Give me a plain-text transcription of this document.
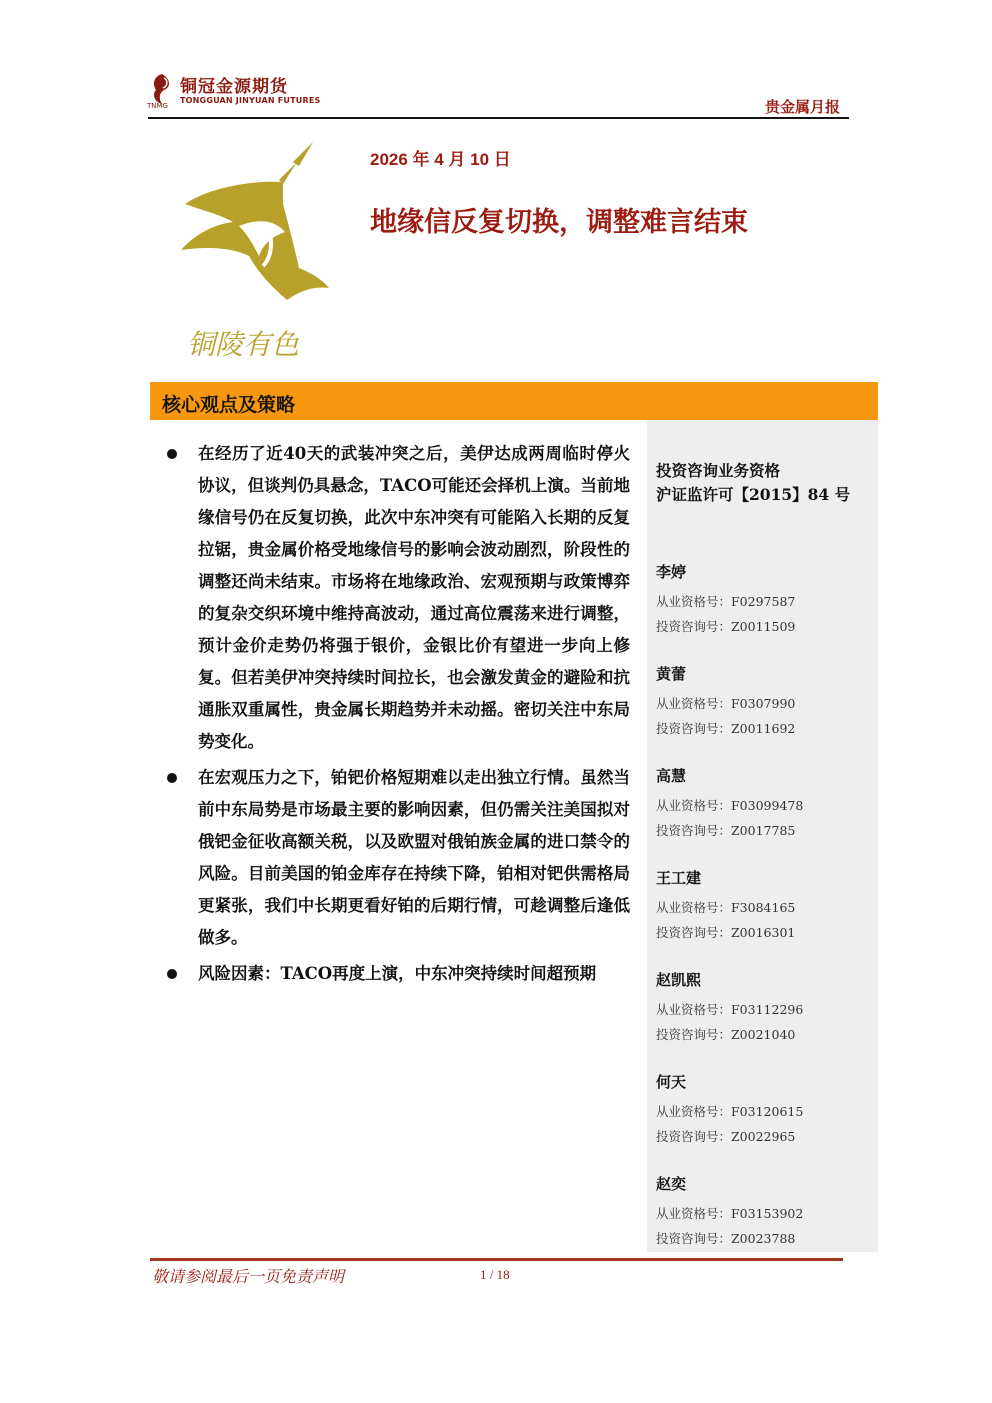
铜冠金源期货
TONGGUAN JINYUAN FUTURES
TNMG	贵金属月报
铜陵有色
2026 年 4 月 10 日
地缘信反复切换，调整难言结束
核心观点及策略
在经历了近40天的武装冲突之后，美伊达成两周临时停火协议，但谈判仍具悬念，TACO可能还会择机上演。当前地缘信号仍在反复切换，此次中东冲突有可能陷入长期的反复拉锯，贵金属价格受地缘信号的影响会波动剧烈，阶段性的调整还尚未结束。市场将在地缘政治、宏观预期与政策博弈的复杂交织环境中维持高波动，通过高位震荡来进行调整，预计金价走势仍将强于银价，金银比价有望进一步向上修复。但若美伊冲突持续时间拉长，也会激发黄金的避险和抗通胀双重属性，贵金属长期趋势并未动摇。密切关注中东局势变化。
在宏观压力之下，铂钯价格短期难以走出独立行情。虽然当前中东局势是市场最主要的影响因素，但仍需关注美国拟对俄钯金征收高额关税，以及欧盟对俄铂族金属的进口禁令的风险。目前美国的铂金库存在持续下降，铂相对钯供需格局更紧张，我们中长期更看好铂的后期行情，可趁调整后逢低做多。
风险因素：TACO再度上演，中东冲突持续时间超预期
投资咨询业务资格
沪证监许可【2015】84 号
李婷
从业资格号：F0297587
投资咨询号：Z0011509
黄蕾
从业资格号：F0307990
投资咨询号：Z0011692
高慧
从业资格号：F03099478
投资咨询号：Z0017785
王工建
从业资格号：F3084165
投资咨询号：Z0016301
赵凯熙
从业资格号：F03112296
投资咨询号：Z0021040
何天
从业资格号：F03120615
投资咨询号：Z0022965
赵奕
从业资格号：F03153902
投资咨询号：Z0023788
敬请参阅最后一页免责声明	1 / 18
